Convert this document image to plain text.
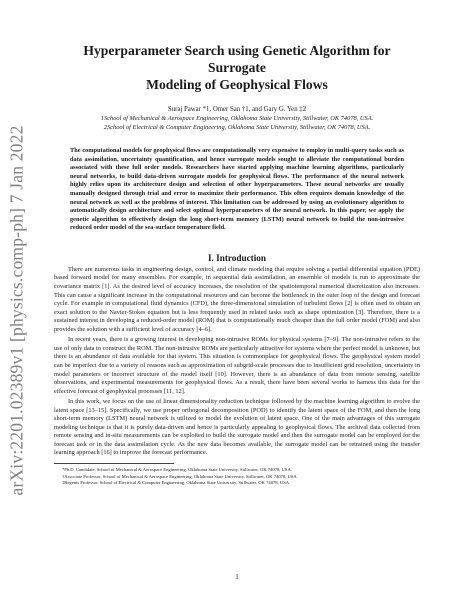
arXiv:2201.02389v1 [physics.comp-ph] 7 Jan 2022
Hyperparameter Search using Genetic Algorithm for Surrogate
Modeling of Geophysical Flows
Suraj Pawar *1, Omer San †1, and Gary G. Yen ‡2
1School of Mechanical & Aerospace Engineering, Oklahoma State University, Stillwater, OK 74078, USA.
2School of Electrical & Computer Engineering, Oklahoma State University, Stillwater, OK 74078, USA.
The computational models for geophysical flows are computationally very expensive to employ in multi-query tasks such as data assimilation, uncertainty quantification, and hence surrogate models sought to alleviate the computational burden associated with these full order models. Researchers have started applying machine learning algorithms, particularly neural networks, to build data-driven surrogate models for geophysical flows. The performance of the neural network highly relies upon its architecture design and selection of other hyperparameters. These neural networks are usually manually designed through trial and error to maximize their performance. This often requires domain knowledge of the neural network as well as the problems of interest. This limitation can be addressed by using an evolutionary algorithm to automatically design architecture and select optimal hyperparameters of the neural network. In this paper, we apply the genetic algorithm to effectively design the long short-term memory (LSTM) neural network to build the non-intrusive reduced order model of the sea-surface temperature field.
I. Introduction

There are numerous tasks in engineering design, control, and climate modeling that require solving a partial differential equation (PDE) based forward model for many ensembles. For example, in sequential data assimilation, an ensemble of models is run to approximate the covariance matrix [1]. As the desired level of accuracy increases, the resolution of the spatiotemporal numerical discretization also increases. This can cause a significant increase in the computational resources and can become the bottleneck in the outer loop of the design and forecast cycle. For example in computational fluid dynamics (CFD), the three-dimensional simulation of turbulent flows [2] is often used to obtain an exact solution to the Navier-Stokes equation but is less frequently used in related tasks such as shape optimization [3]. Therefore, there is a sustained interest in developing a reduced-order model (ROM) that is computationally much cheaper than the full order model (FOM) and also provides the solution with a sufficient level of accuracy [4–6].

In recent years, there is a growing interest in developing non-intrusive ROMs for physical systems [7–9]. The non-intrusive refers to the use of only data to construct the ROM. The non-intrusive ROMs are particularly attractive for systems where the perfect model is unknown, but there is an abundance of data available for that system. This situation is commonplace for geophysical flows. The geophysical system model can be imperfect due to a variety of reasons such as approximation of subgrid-scale processes due to insufficient grid resolution, uncertainty in model parameters or incorrect structure of the model itself [10]. However, there is an abundance of data from remote sensing, satellite observations, and experimental measurements for geophysical flows. As a result, there have been several works to harness this data for the effective forecast of geophysical processes [11, 12].

In this work, we focus on the use of linear dimensionality reduction technique followed by the machine learning algorithm to evolve the latent space [13–15]. Specifically, we use proper orthogonal decomposition (POD) to identify the latent space of the FOM, and then the long short-term memory (LSTM) neural network is utilized to model the evolution of latent space. One of the main advantages of this surrogate modeling technique is that it is purely data-driven and hence is particularly appealing to geophysical flows. The archival data collected from remote sensing and in-situ measurements can be exploited to build the surrogate model and then the surrogate model can be employed for the forecast task or in the data assimilation cycle. As the new data becomes available, the surrogate model can be retrained using the transfer learning approach [16] to improve the forecast performance.

*Ph.D. Candidate, School of Mechanical & Aerospace Engineering, Oklahoma State University, Stillwater, OK 74078, USA.
†Associate Professor, School of Mechanical & Aerospace Engineering, Oklahoma State University, Stillwater, OK 74078, USA.
‡Regents Professor, School of Electrical & Computer Engineering, Oklahoma State University, Stillwater, OK 74078, USA.
1
